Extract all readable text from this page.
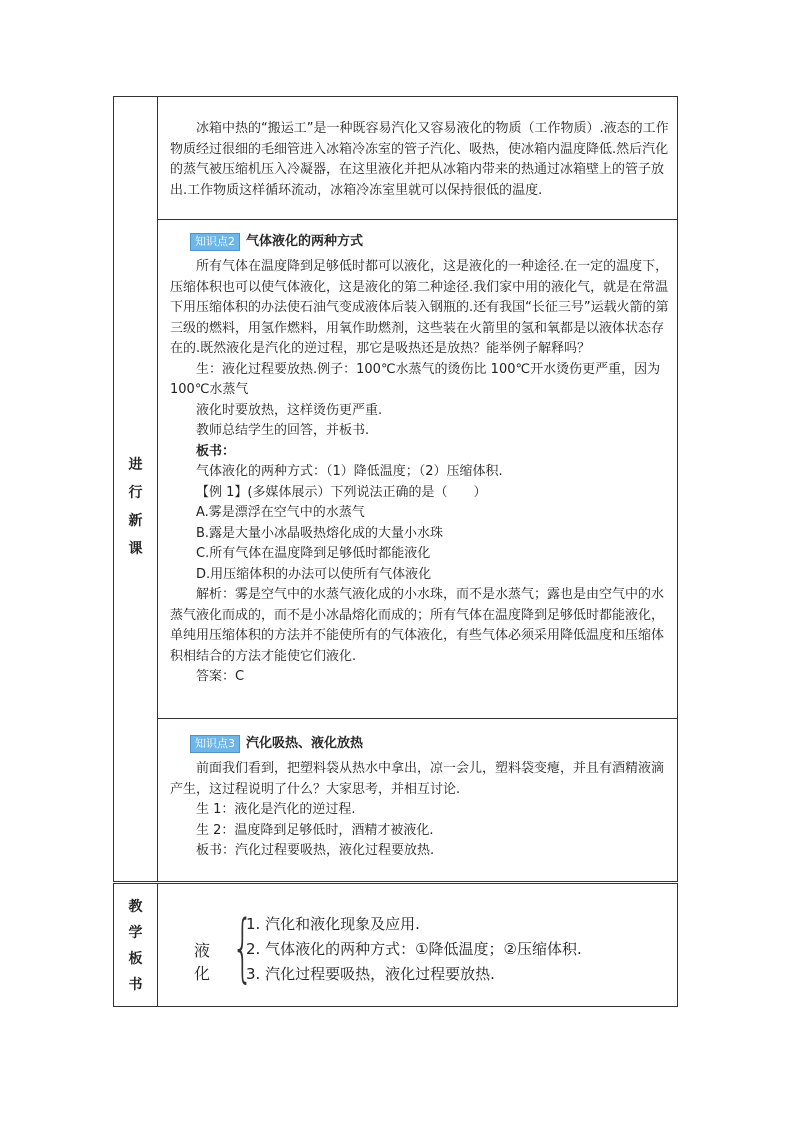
进行新课

冰箱中热的“搬运工”是一种既容易汽化又容易液化的物质（工作物质）.液态的工作物质经过很细的毛细管进入冰箱冷冻室的管子汽化、吸热，使冰箱内温度降低.然后汽化的蒸气被压缩机压入冷凝器，在这里液化并把从冰箱内带来的热通过冰箱壁上的管子放出.工作物质这样循环流动，冰箱冷冻室里就可以保持很低的温度.

知识点2 气体液化的两种方式

所有气体在温度降到足够低时都可以液化，这是液化的一种途径.在一定的温度下，压缩体积也可以使气体液化，这是液化的第二种途径.我们家中用的液化气，就是在常温下用压缩体积的办法使石油气变成液体后装入钢瓶的.还有我国“长征三号”运载火箭的第三级的燃料，用氢作燃料，用氧作助燃剂，这些装在火箭里的氢和氧都是以液体状态存在的.既然液化是汽化的逆过程，那它是吸热还是放热？能举例子解释吗？

生：液化过程要放热.例子：100℃水蒸气的烫伤比 100℃开水烫伤更严重，因为 100℃水蒸气

液化时要放热，这样烫伤更严重.

教师总结学生的回答，并板书.

板书：

气体液化的两种方式：（1）降低温度；（2）压缩体积.

【例 1】(多媒体展示）下列说法正确的是（　　）

A.雾是漂浮在空气中的水蒸气

B.露是大量小冰晶吸热熔化成的大量小水珠

C.所有气体在温度降到足够低时都能液化

D.用压缩体积的办法可以使所有气体液化

解析：雾是空气中的水蒸气液化成的小水珠，而不是水蒸气；露也是由空气中的水蒸气液化而成的，而不是小冰晶熔化而成的；所有气体在温度降到足够低时都能液化，单纯用压缩体积的方法并不能使所有的气体液化，有些气体必须采用降低温度和压缩体积相结合的方法才能使它们液化.

答案：C

知识点3 汽化吸热、液化放热

前面我们看到，把塑料袋从热水中拿出，凉一会儿，塑料袋变瘪，并且有酒精液滴产生，这过程说明了什么？大家思考，并相互讨论.

生 1：液化是汽化的逆过程.

生 2：温度降到足够低时，酒精才被液化.

板书：汽化过程要吸热，液化过程要放热.

教学板书
液化 {
1. 汽化和液化现象及应用.
2. 气体液化的两种方式：①降低温度；②压缩体积.
3. 汽化过程要吸热，液化过程要放热.
